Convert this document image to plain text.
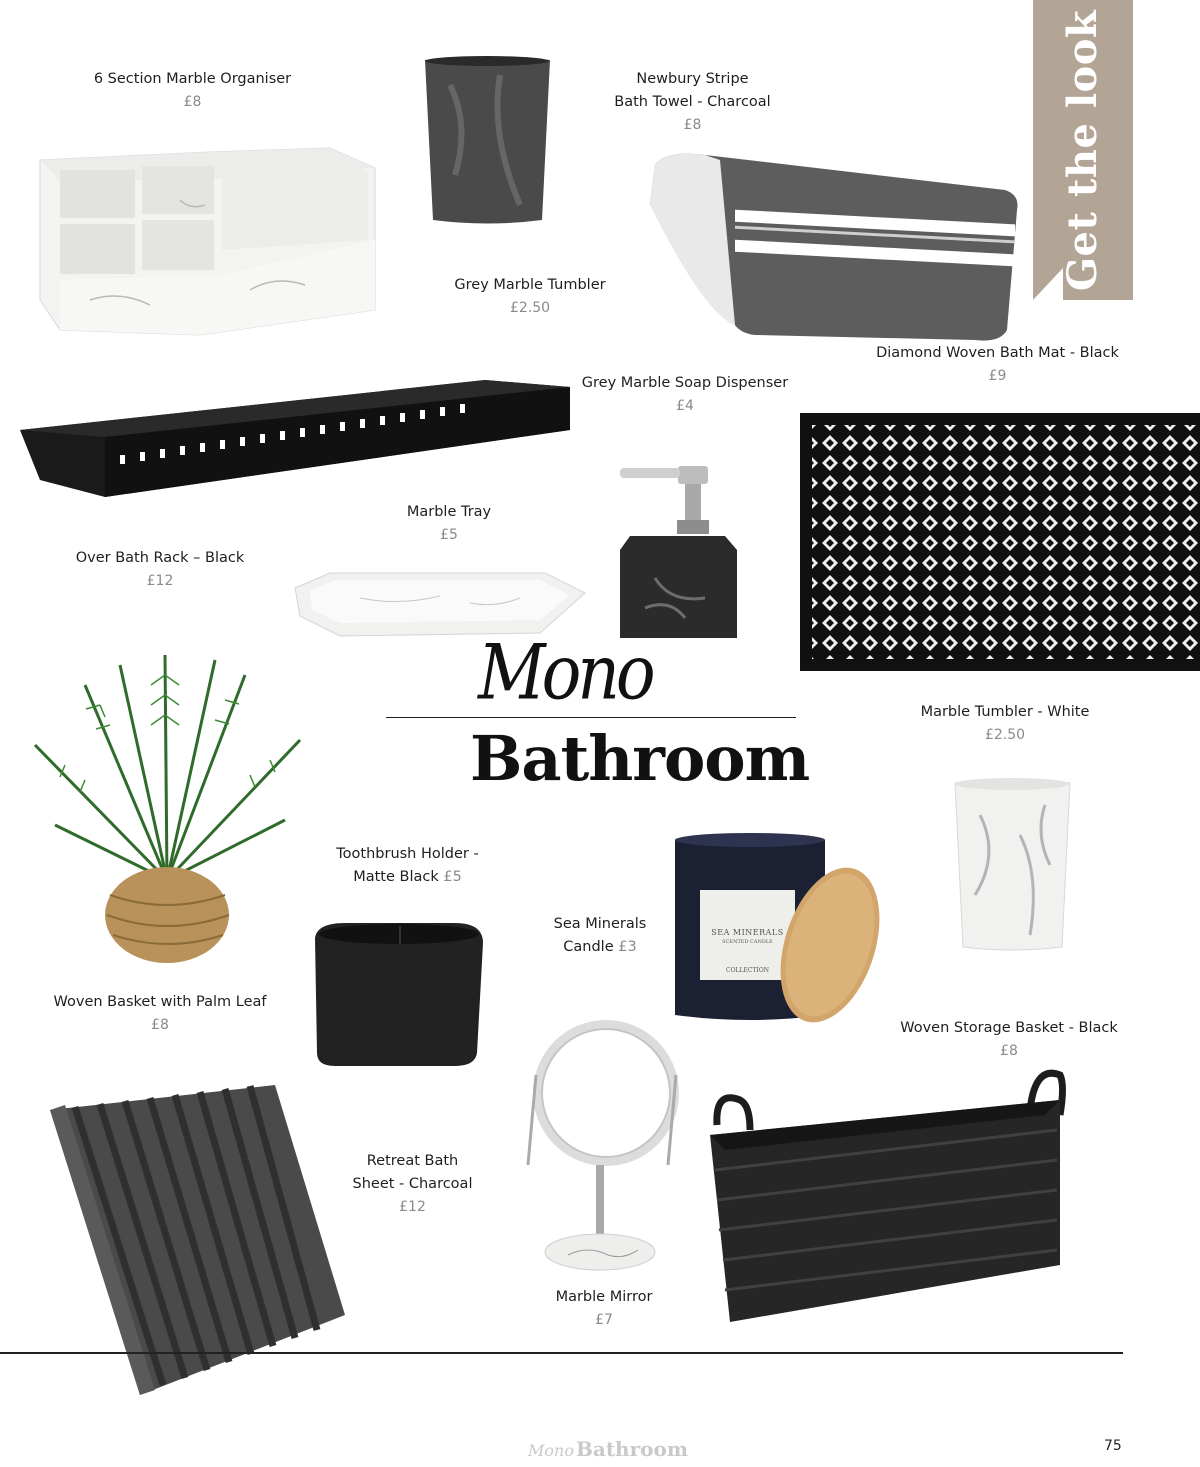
Get the look
SEA MINERALS
SCENTED CANDLE
COLLECTION
6 Section Marble Organiser
£8
Grey Marble Tumbler
£2.50
Newbury Stripe
Bath Towel - Charcoal
£8
Diamond Woven Bath Mat - Black
£9
Grey Marble Soap Dispenser
£4
Over Bath Rack – Black
£12
Marble Tray
£5
Marble Tumbler - White
£2.50
Toothbrush Holder -
Matte Black £5
Sea Minerals
Candle £3
Woven Basket with Palm Leaf
£8	Woven Storage Basket - Black
£8
Retreat Bath
Sheet - Charcoal
£12
Marble Mirror
£7
Mono
Bathroom
Mono Bathroom	75
